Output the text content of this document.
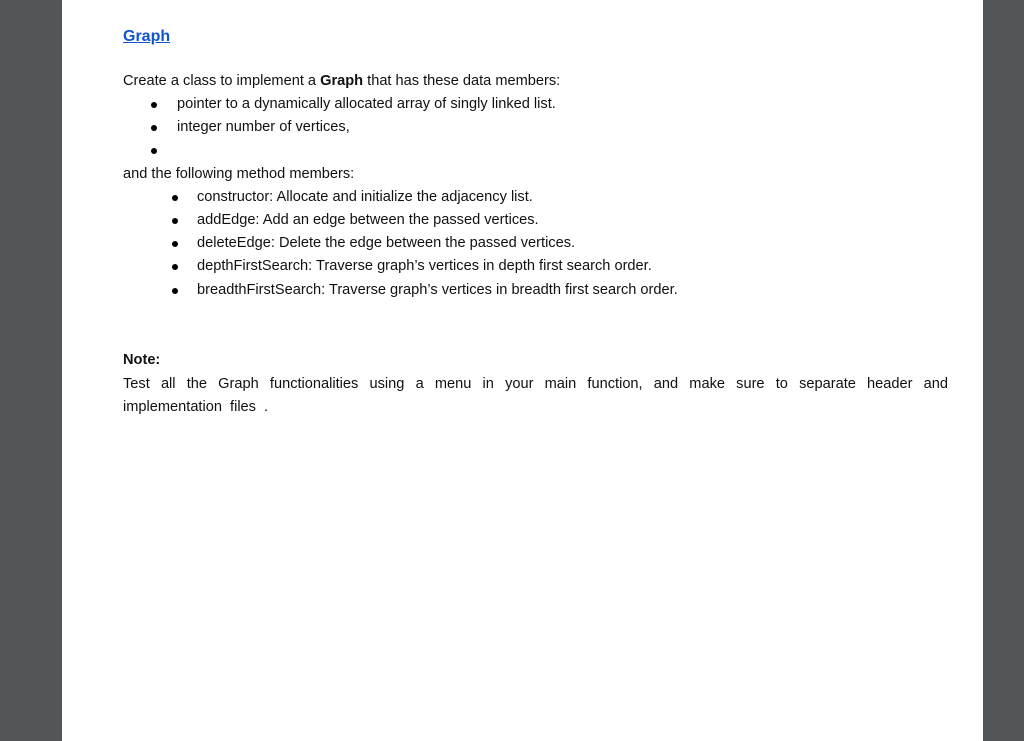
Graph
Create a class to implement a Graph that has these data members:
pointer to a dynamically allocated array of singly linked list.
integer number of vertices,
and the following method members:
constructor: Allocate and initialize the adjacency list.
addEdge: Add an edge between the passed vertices.
deleteEdge: Delete the edge between the passed vertices.
depthFirstSearch: Traverse graph’s vertices in depth first search order.
breadthFirstSearch: Traverse graph’s vertices in breadth first search order.
Note:
Test all the Graph functionalities using a menu in your main function, and make sure to separate header and implementation files .
